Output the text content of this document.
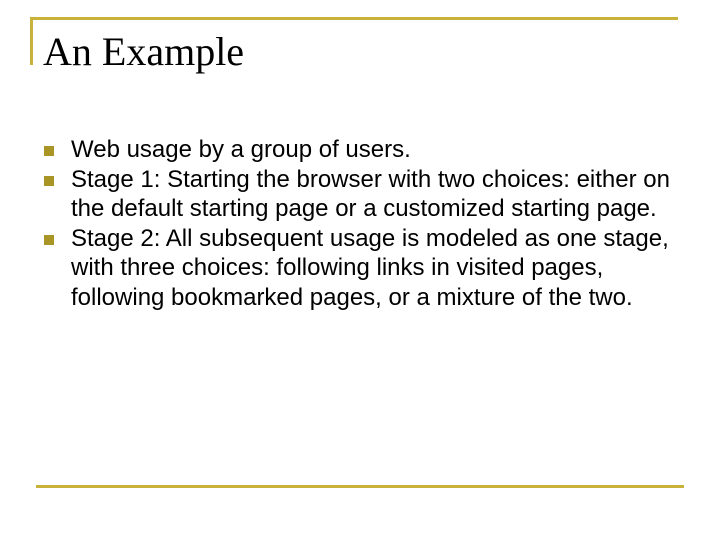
An Example
Web usage by a group of users.
Stage 1: Starting the browser with two choices: either on the default starting page or a customized starting page.
Stage 2: All subsequent usage is modeled as one stage, with three choices: following links in visited pages, following bookmarked pages, or a mixture of the two.
